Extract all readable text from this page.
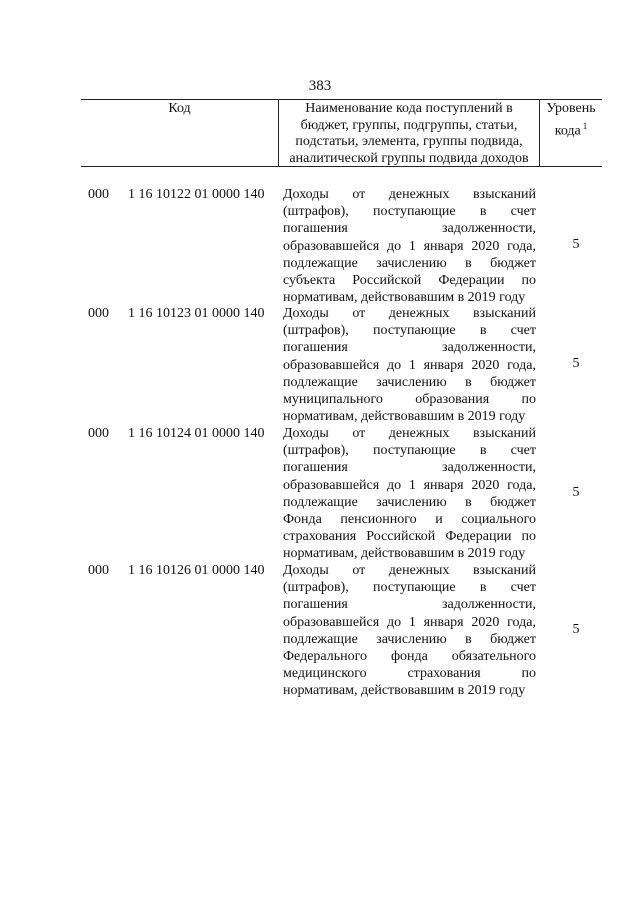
383
Код	Наименование кода поступлений в
бюджет, группы, подгруппы, статьи,
подстатьи, элемента, группы подвида,
аналитической группы подвида доходов
Уровень
кода $^1$
000 1 16 10122 01 0000 140 Доходы от денежных взысканий
(штрафов), поступающие в счет
погашения задолженности,
образовавшейся до 1 января 2020 года,
подлежащие зачислению в бюджет
субъекта Российской Федерации по
нормативам, действовавшим в 2019 году
5
000 1 16 10123 01 0000 140 Доходы от денежных взысканий
(штрафов), поступающие в счет
погашения задолженности,
образовавшейся до 1 января 2020 года,
подлежащие зачислению в бюджет
муниципального образования по
нормативам, действовавшим в 2019 году
5
000 1 16 10124 01 0000 140 Доходы от денежных взысканий
(штрафов), поступающие в счет
погашения задолженности,
образовавшейся до 1 января 2020 года,
подлежащие зачислению в бюджет
Фонда пенсионного и социального
страхования Российской Федерации по
нормативам, действовавшим в 2019 году
5
000 1 16 10126 01 0000 140 Доходы от денежных взысканий
(штрафов), поступающие в счет
погашения задолженности,
образовавшейся до 1 января 2020 года,
подлежащие зачислению в бюджет
Федерального фонда обязательного
медицинского страхования по
нормативам, действовавшим в 2019 году
5
